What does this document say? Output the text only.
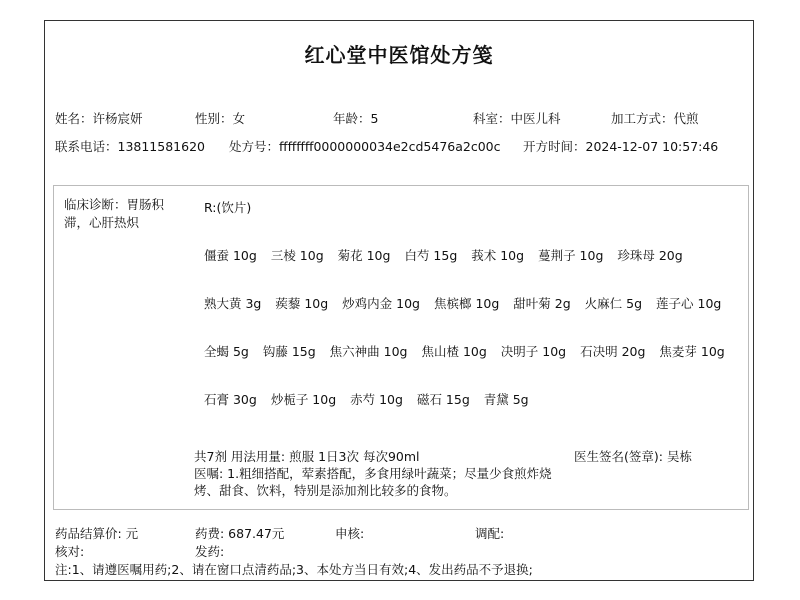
红心堂中医馆处方笺
姓名：许杨宸妍	性别：女	年龄：5	科室：中医儿科	加工方式：代煎
联系电话：13811581620 处方号：ffffffff0000000034e2cd5476a2c00c 开方时间：2024-12-07 10:57:46
临床诊断：胃肠积滞，心肝热炽
R:(饮片)
僵蚕 10g 三棱 10g 菊花 10g 白芍 15g 莪术 10g 蔓荆子 10g 珍珠母 20g
熟大黄 3g 蒺藜 10g 炒鸡内金 10g 焦槟榔 10g 甜叶菊 2g 火麻仁 5g 莲子心 10g
全蝎 5g 钩藤 15g 焦六神曲 10g 焦山楂 10g 决明子 10g 石决明 20g 焦麦芽 10g
石膏 30g 炒栀子 10g 赤芍 10g 磁石 15g 青黛 5g
共7剂 用法用量: 煎服 1日3次 每次90ml	医生签名(签章): 吴栋
医嘱: 1.粗细搭配，荤素搭配，多食用绿叶蔬菜；尽量少食煎炸烧烤、甜食、饮料，特别是添加剂比较多的食物。
药品结算价: 元	药费: 687.47元	申核:	调配:
核对:	发药:
注:1、请遵医嘱用药;2、请在窗口点清药品;3、本处方当日有效;4、发出药品不予退换;
